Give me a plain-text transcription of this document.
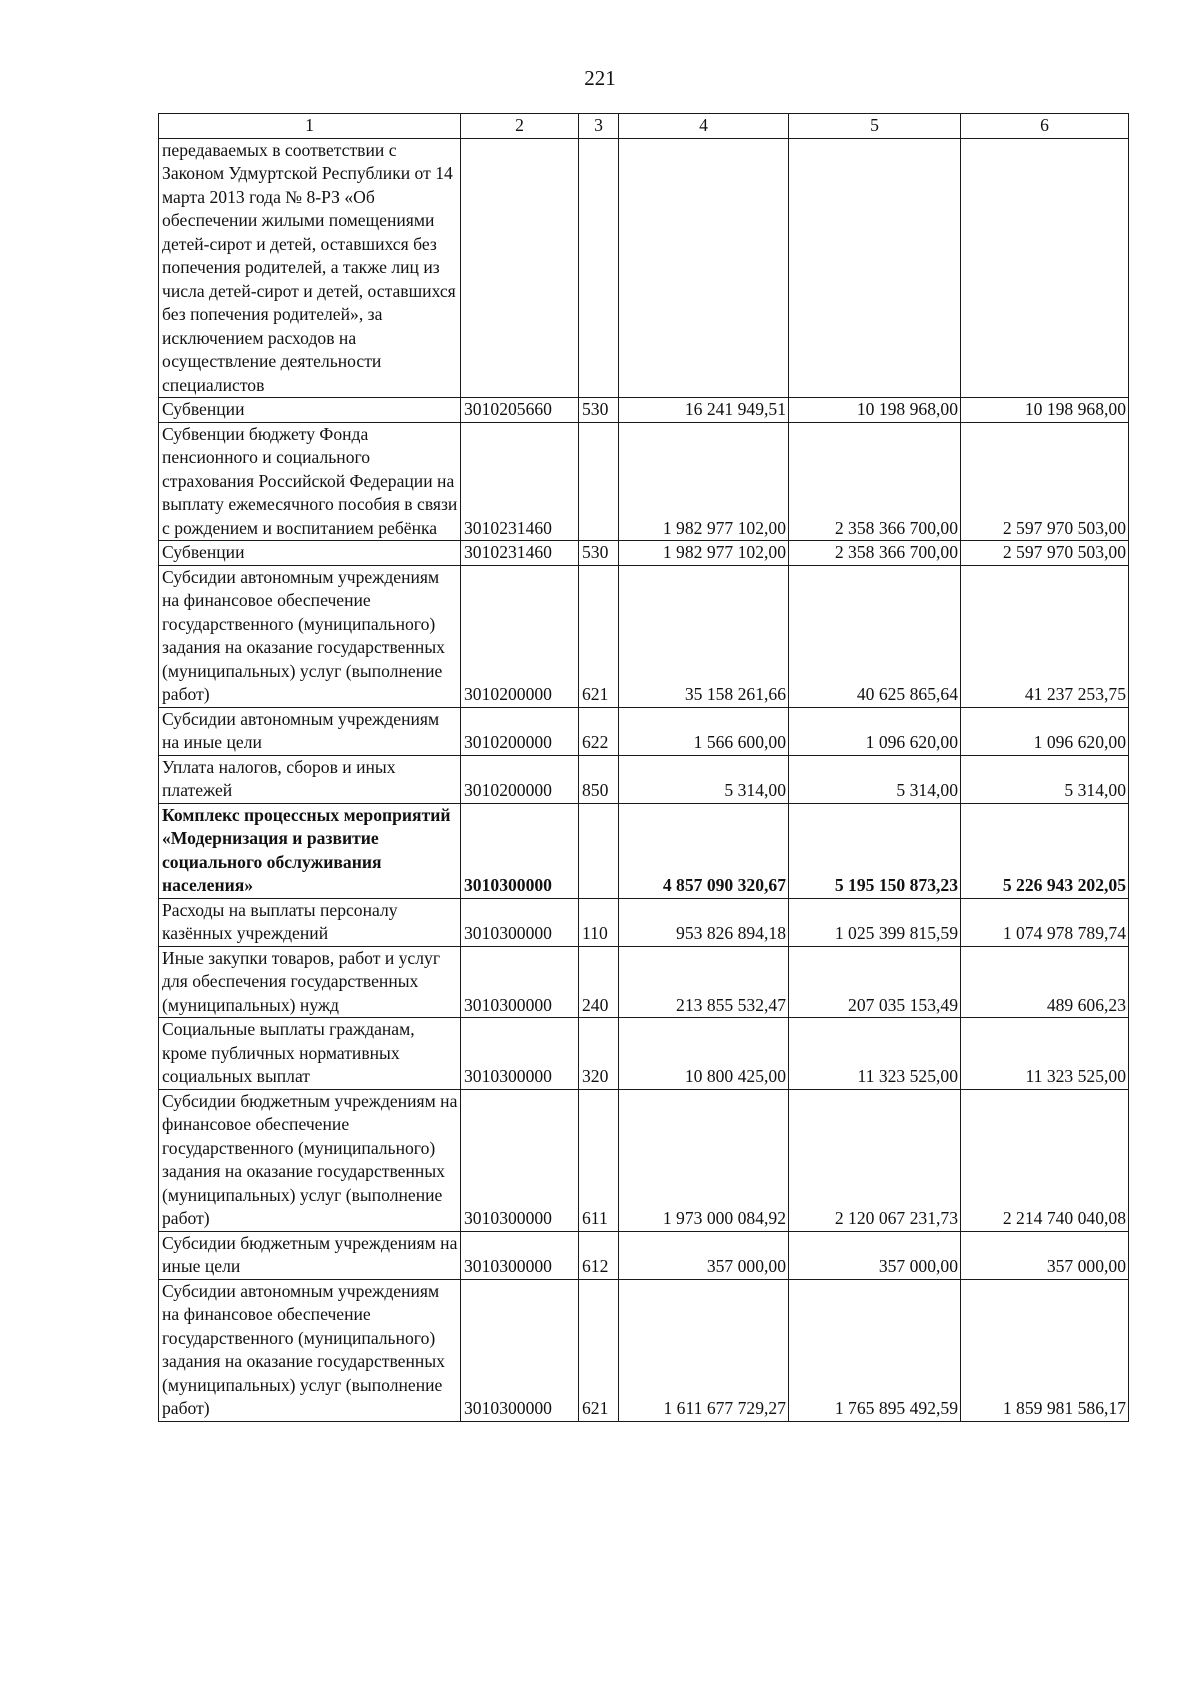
221
1	2	3	4	5	6
передаваемых в соответствии с Законом Удмуртской Республики от 14 марта 2013 года № 8-РЗ «Об обеспечении жилыми помещениями детей-сирот и детей, оставшихся без попечения родителей, а также лиц из числа детей-сирот и детей, оставшихся без попечения родителей», за исключением расходов на осуществление деятельности специалистов					
Субвенции	3010205660	530	16 241 949,51	10 198 968,00	10 198 968,00
Субвенции бюджету Фонда пенсионного и социального страхования Российской Федерации на выплату ежемесячного пособия в связи с рождением и воспитанием ребёнка	3010231460		1 982 977 102,00	2 358 366 700,00	2 597 970 503,00
Субвенции	3010231460	530	1 982 977 102,00	2 358 366 700,00	2 597 970 503,00
Субсидии автономным учреждениям на финансовое обеспечение государственного (муниципального) задания на оказание государственных (муниципальных) услуг (выполнение работ)	3010200000	621	35 158 261,66	40 625 865,64	41 237 253,75
Субсидии автономным учреждениям на иные цели	3010200000	622	1 566 600,00	1 096 620,00	1 096 620,00
Уплата налогов, сборов и иных платежей	3010200000	850	5 314,00	5 314,00	5 314,00
Комплекс процессных мероприятий «Модернизация и развитие социального обслуживания населения»	3010300000		4 857 090 320,67	5 195 150 873,23	5 226 943 202,05
Расходы на выплаты персоналу казённых учреждений	3010300000	110	953 826 894,18	1 025 399 815,59	1 074 978 789,74
Иные закупки товаров, работ и услуг для обеспечения государственных (муниципальных) нужд	3010300000	240	213 855 532,47	207 035 153,49	489 606,23
Социальные выплаты гражданам, кроме публичных нормативных социальных выплат	3010300000	320	10 800 425,00	11 323 525,00	11 323 525,00
Субсидии бюджетным учреждениям на финансовое обеспечение государственного (муниципального) задания на оказание государственных (муниципальных) услуг (выполнение работ)	3010300000	611	1 973 000 084,92	2 120 067 231,73	2 214 740 040,08
Субсидии бюджетным учреждениям на иные цели	3010300000	612	357 000,00	357 000,00	357 000,00
Субсидии автономным учреждениям на финансовое обеспечение государственного (муниципального) задания на оказание государственных (муниципальных) услуг (выполнение работ)	3010300000	621	1 611 677 729,27	1 765 895 492,59	1 859 981 586,17
